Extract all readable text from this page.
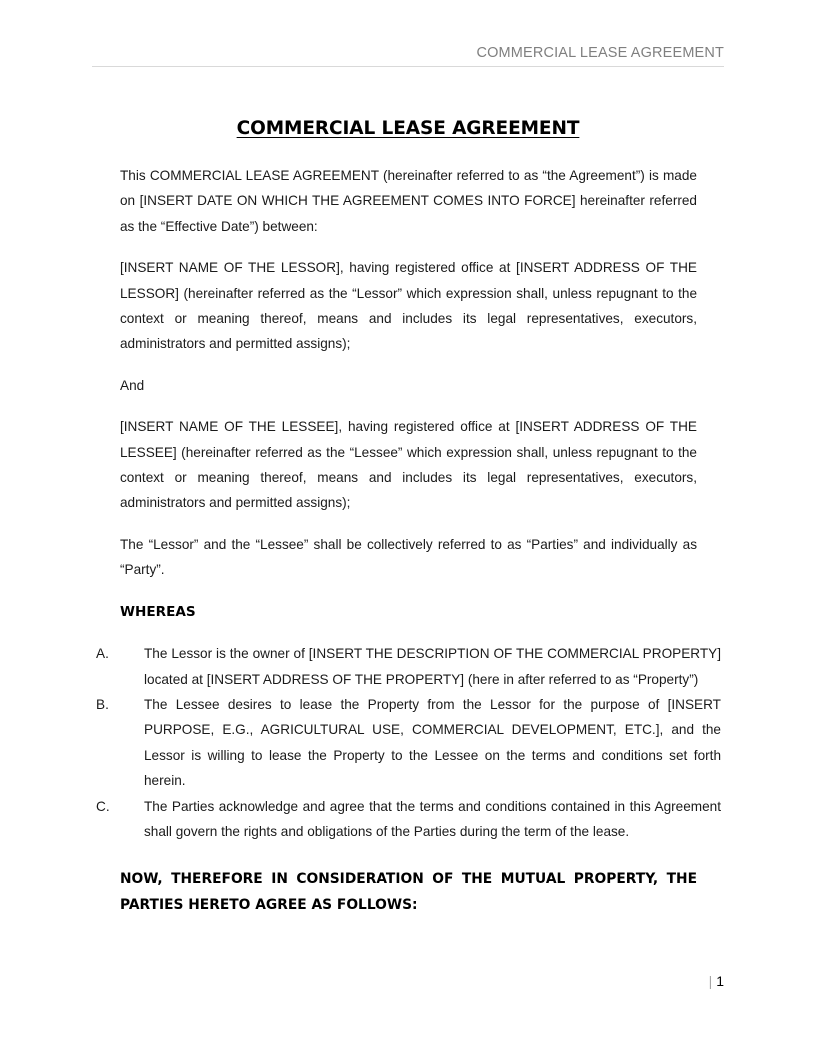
COMMERCIAL LEASE AGREEMENT
COMMERCIAL LEASE AGREEMENT

This COMMERCIAL LEASE AGREEMENT (hereinafter referred to as “the Agreement”) is made on [INSERT DATE ON WHICH THE AGREEMENT COMES INTO FORCE] hereinafter referred as the “Effective Date”) between:

[INSERT NAME OF THE LESSOR], having registered office at [INSERT ADDRESS OF THE LESSOR] (hereinafter referred as the “Lessor” which expression shall, unless repugnant to the context or meaning thereof, means and includes its legal representatives, executors, administrators and permitted assigns);

And

[INSERT NAME OF THE LESSEE], having registered office at [INSERT ADDRESS OF THE LESSEE] (hereinafter referred as the “Lessee” which expression shall, unless repugnant to the context or meaning thereof, means and includes its legal representatives, executors, administrators and permitted assigns);

The “Lessor” and the “Lessee” shall be collectively referred to as “Parties” and individually as “Party”.

WHEREAS

A.	The Lessor is the owner of [INSERT THE DESCRIPTION OF THE COMMERCIAL PROPERTY] located at [INSERT ADDRESS OF THE PROPERTY] (here in after referred to as “Property”)
B.	The Lessee desires to lease the Property from the Lessor for the purpose of [INSERT PURPOSE, E.G., AGRICULTURAL USE, COMMERCIAL DEVELOPMENT, ETC.], and the Lessor is willing to lease the Property to the Lessee on the terms and conditions set forth herein.
C.	The Parties acknowledge and agree that the terms and conditions contained in this Agreement shall govern the rights and obligations of the Parties during the term of the lease.

NOW, THEREFORE IN CONSIDERATION OF THE MUTUAL PROPERTY, THE PARTIES HERETO AGREE AS FOLLOWS:

| 1
